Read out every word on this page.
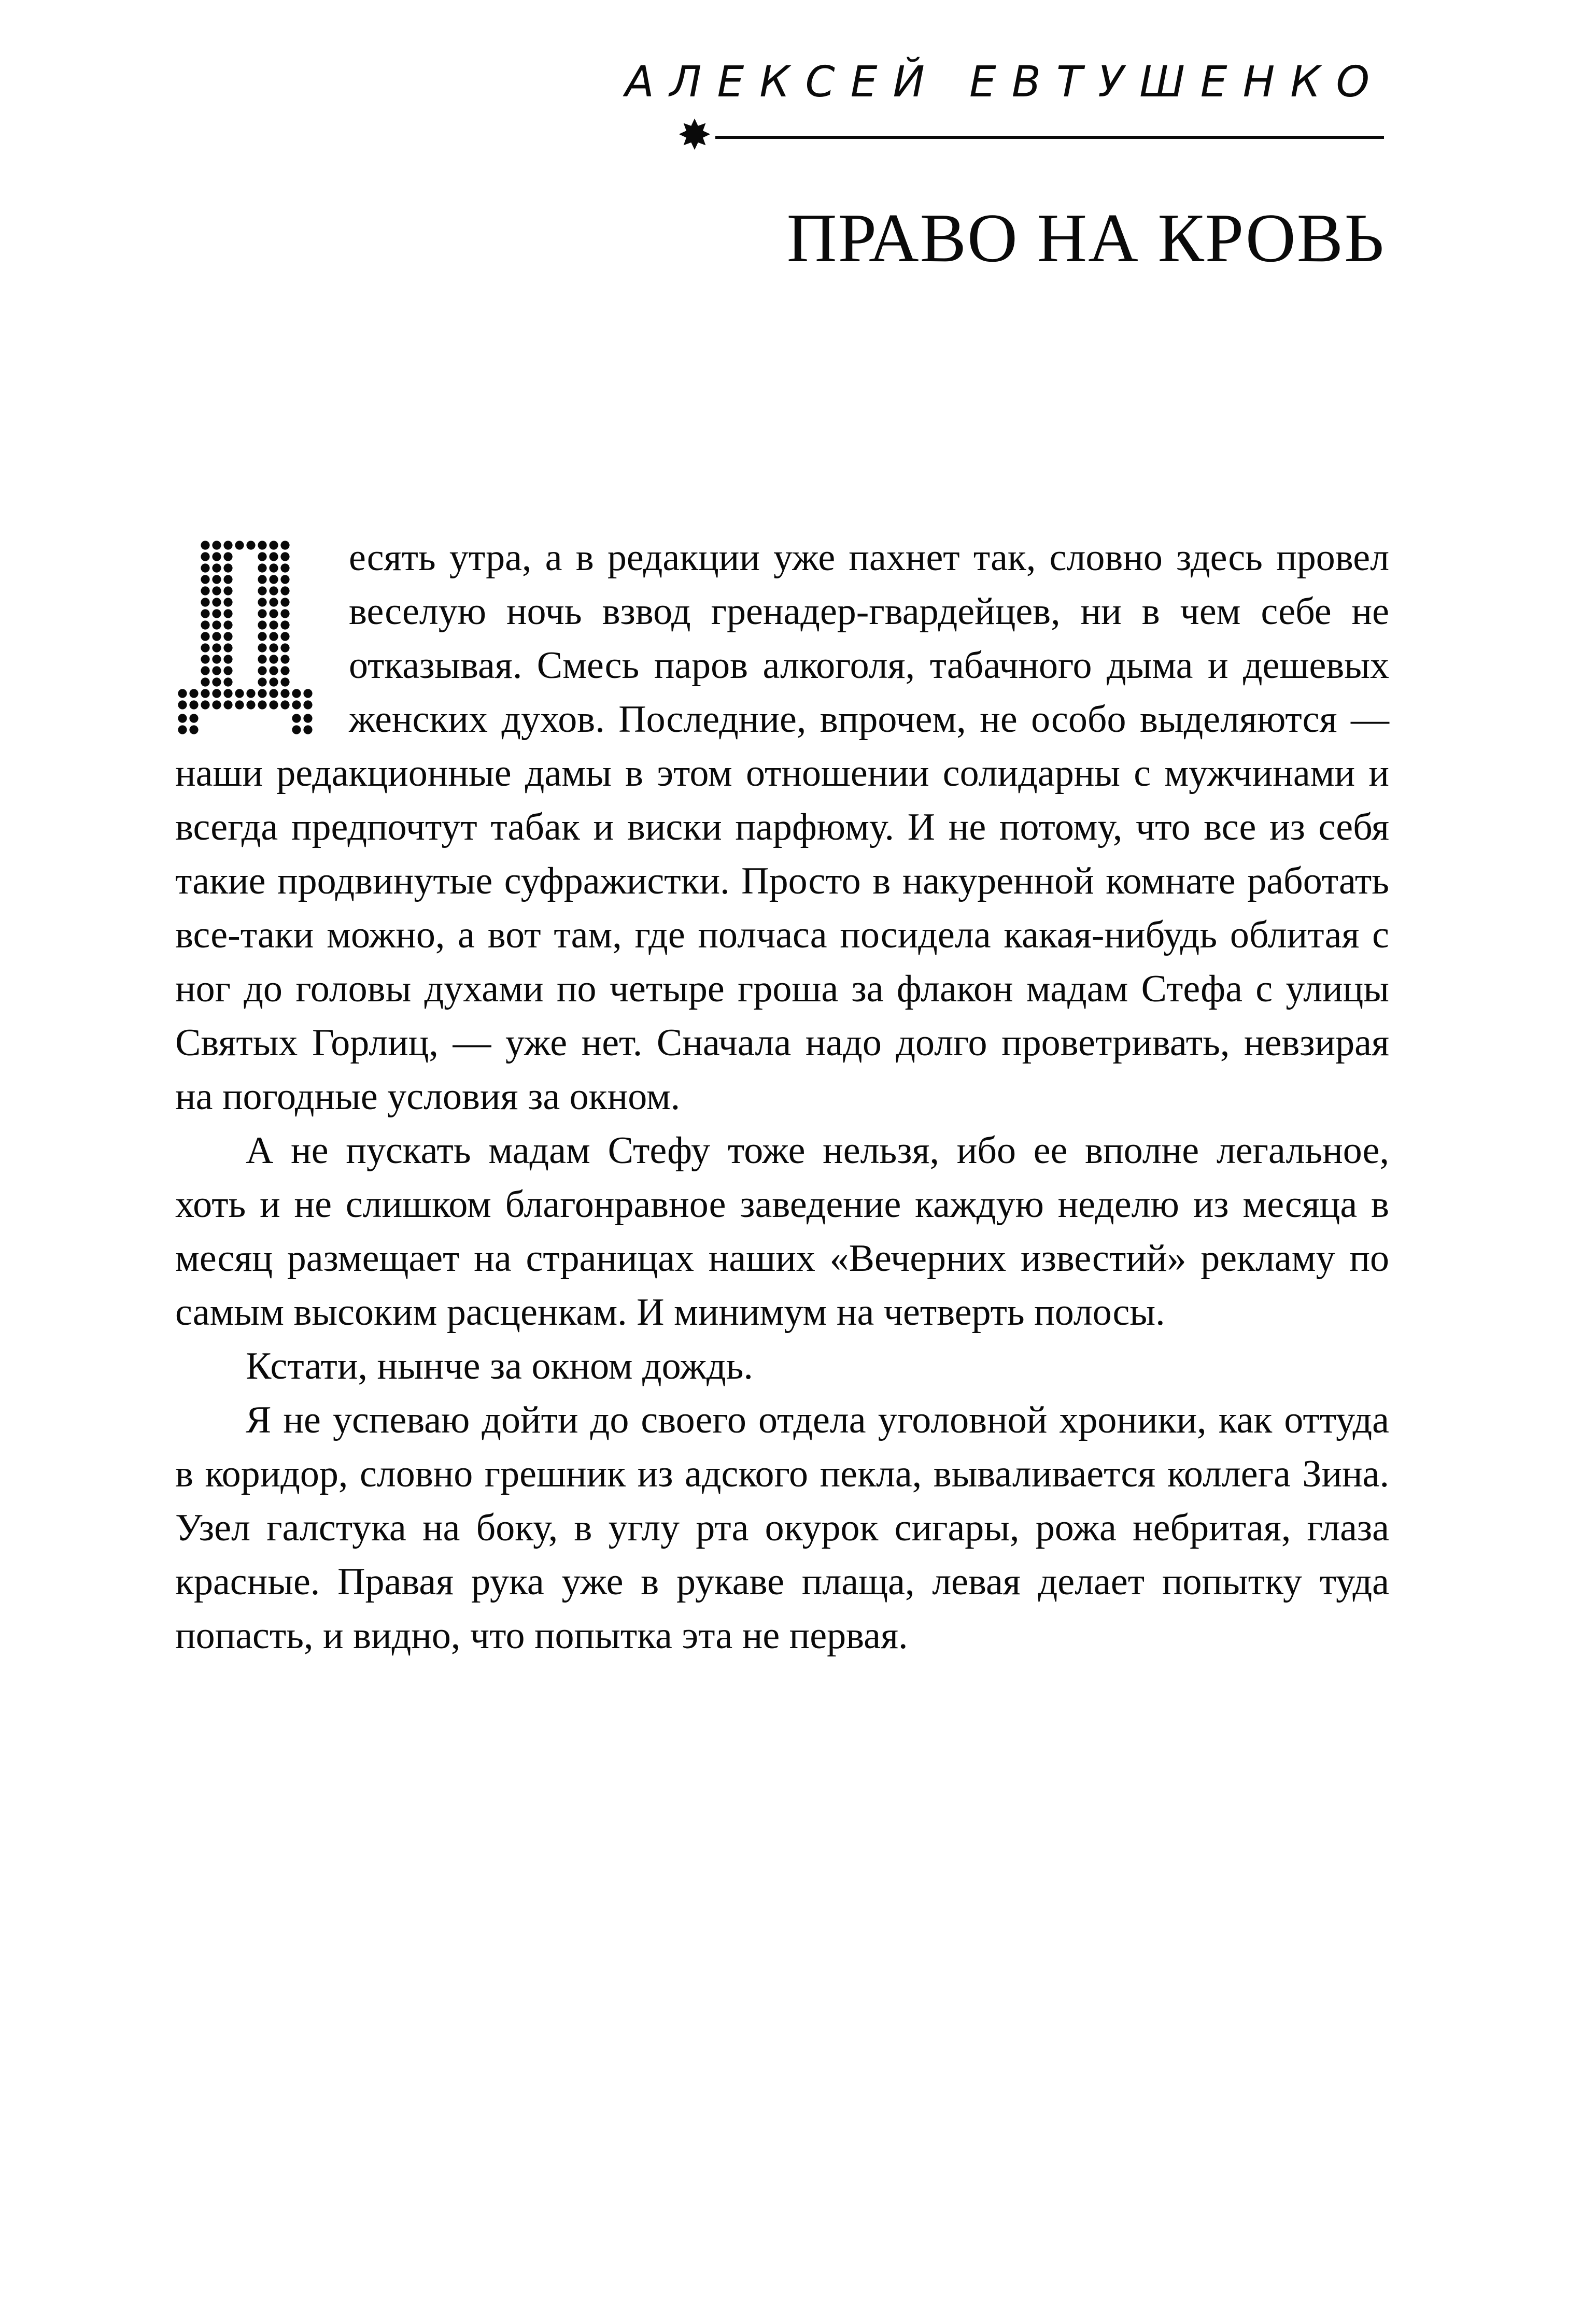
АЛЕКСЕЙ ЕВТУШЕНКО
✸
ПРАВО НА КРОВЬ

есять утра, а в редакции уже пахнет так, словно здесь провел веселую ночь взвод гренадер-гвардейцев, ни в чем себе не отказывая. Смесь паров алкоголя, табачного дыма и дешевых женских духов. Последние, впрочем, не особо выделяются — наши редакционные дамы в этом отношении солидарны с мужчинами и всегда предпочтут табак и виски парфюму. И не потому, что все из себя такие продвинутые суфражистки. Просто в накуренной комнате работать все-таки можно, а вот там, где полчаса посидела какая-нибудь облитая с ног до головы духами по четыре гроша за флакон мадам Стефа с улицы Святых Горлиц, — уже нет. Сначала надо долго проветривать, невзирая на погодные условия за окном.

А не пускать мадам Стефу тоже нельзя, ибо ее вполне легальное, хоть и не слишком благонравное заведение каждую неделю из месяца в месяц размещает на страницах наших «Вечерних известий» рекламу по самым высоким расценкам. И минимум на четверть полосы.

Кстати, нынче за окном дождь.

Я не успеваю дойти до своего отдела уголовной хроники, как оттуда в коридор, словно грешник из адского пекла, вываливается коллега Зина. Узел галстука на боку, в углу рта окурок сигары, рожа небритая, глаза красные. Правая рука уже в рукаве плаща, левая делает попытку туда попасть, и видно, что попытка эта не первая.
